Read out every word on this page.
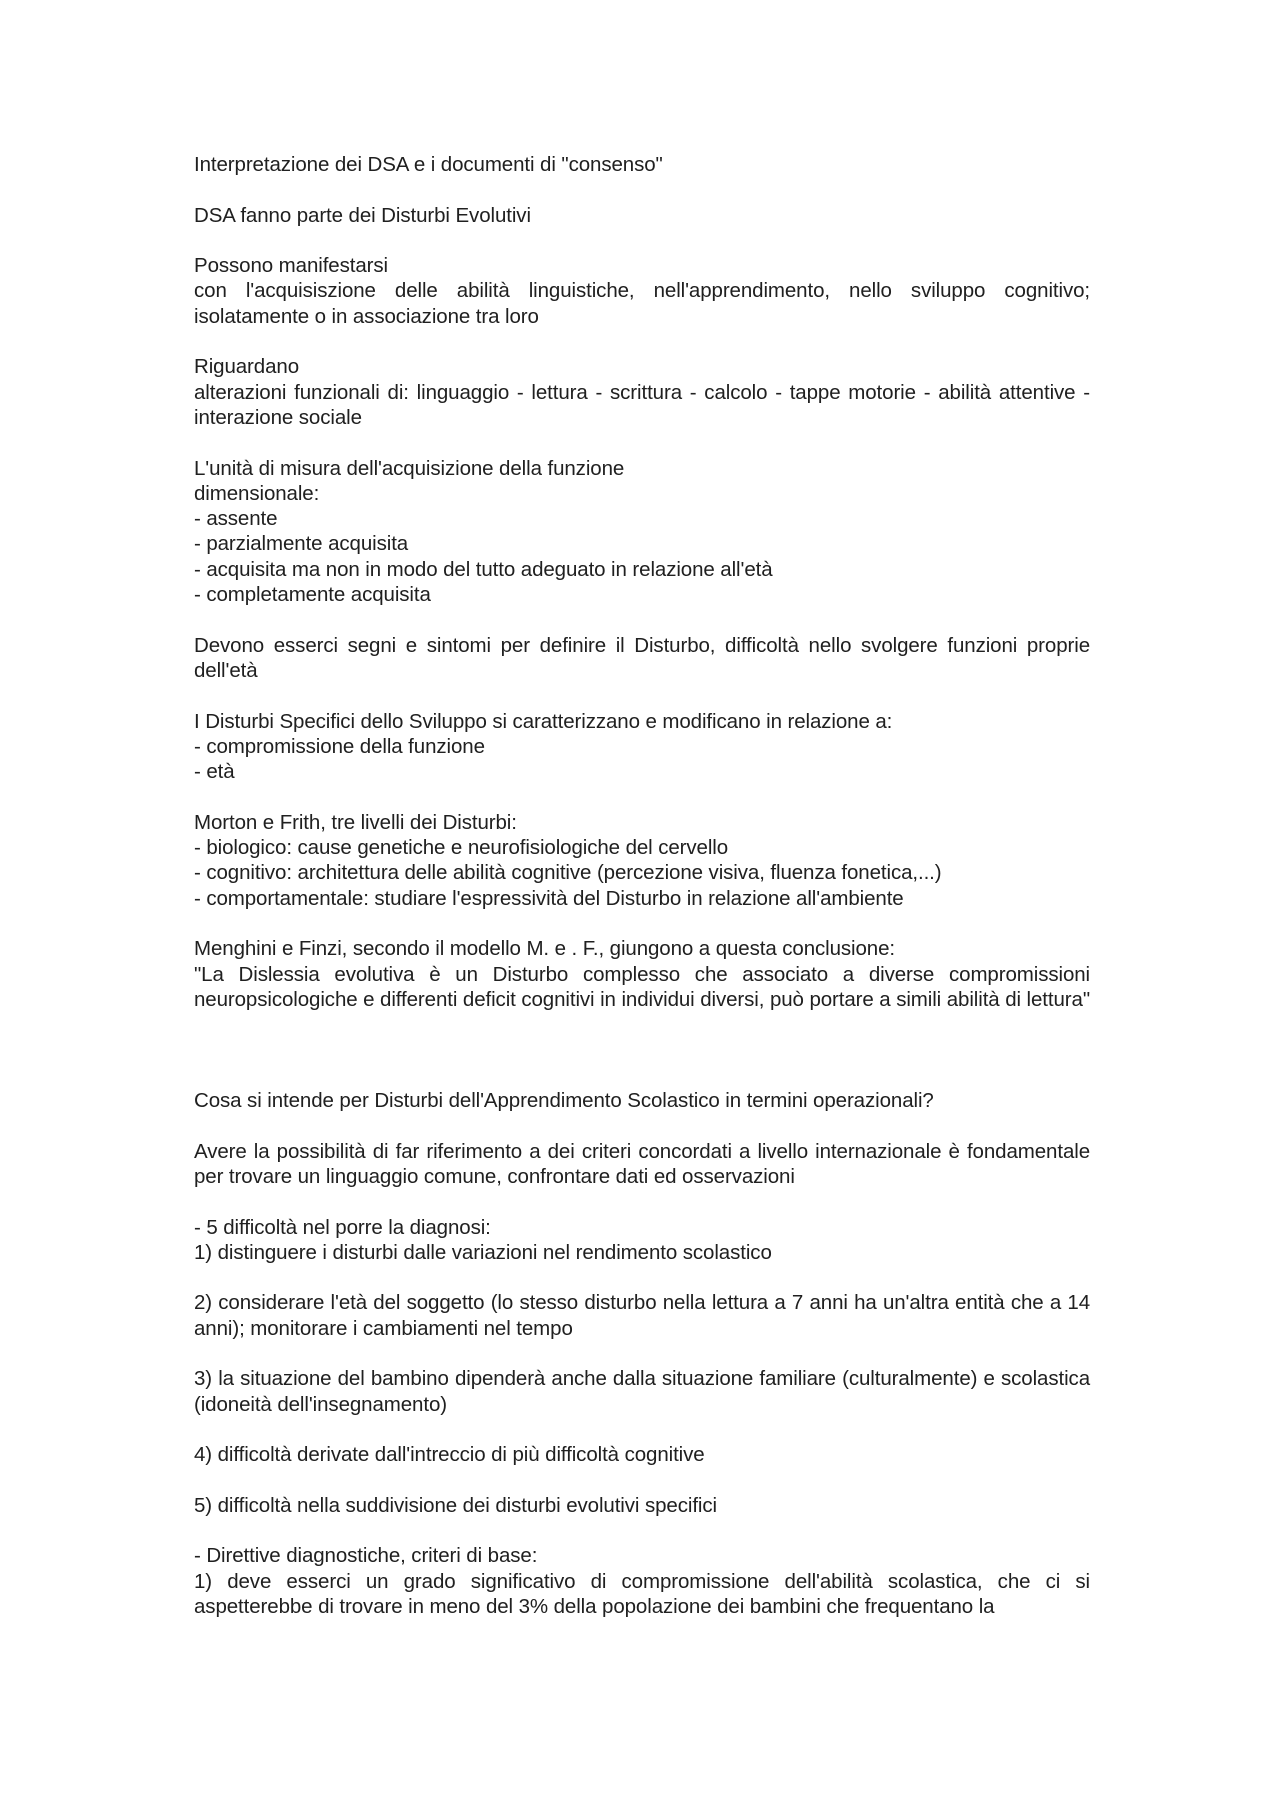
Interpretazione dei DSA e i documenti di "consenso"
DSA fanno parte dei Disturbi Evolutivi
Possono manifestarsi
con l'acquisiszione delle abilità linguistiche, nell'apprendimento, nello sviluppo cognitivo; isolatamente o in associazione tra loro
Riguardano
alterazioni funzionali di: linguaggio - lettura - scrittura - calcolo - tappe motorie - abilità attentive - interazione sociale
L'unità di misura dell'acquisizione della funzione
dimensionale:
- assente
- parzialmente acquisita
- acquisita ma non in modo del tutto adeguato in relazione all'età
- completamente acquisita
Devono esserci segni e sintomi per definire il Disturbo, difficoltà nello svolgere funzioni proprie dell'età
I Disturbi Specifici dello Sviluppo si caratterizzano e modificano in relazione a:
- compromissione della funzione
- età
Morton e Frith, tre livelli dei Disturbi:
- biologico: cause genetiche e neurofisiologiche del cervello
- cognitivo: architettura delle abilità cognitive (percezione visiva, fluenza fonetica,...)
- comportamentale: studiare l'espressività del Disturbo in relazione all'ambiente
Menghini e Finzi, secondo il modello M. e . F., giungono a questa conclusione:
"La Dislessia evolutiva è un Disturbo complesso che associato a diverse compromissioni neuropsicologiche e differenti deficit cognitivi in individui diversi, può portare a simili abilità di lettura"
Cosa si intende per Disturbi dell'Apprendimento Scolastico in termini operazionali?
Avere la possibilità di far riferimento a dei criteri concordati a livello internazionale è fondamentale per trovare un linguaggio comune, confrontare dati ed osservazioni
- 5 difficoltà nel porre la diagnosi:
1) distinguere i disturbi dalle variazioni nel rendimento scolastico
2) considerare l'età del soggetto (lo stesso disturbo nella lettura a 7 anni ha un'altra entità che a 14 anni); monitorare i cambiamenti nel tempo
3) la situazione del bambino dipenderà anche dalla situazione familiare (culturalmente) e scolastica (idoneità dell'insegnamento)
4) difficoltà derivate dall'intreccio di più difficoltà cognitive
5) difficoltà nella suddivisione dei disturbi evolutivi specifici
- Direttive diagnostiche, criteri di base:
1) deve esserci un grado significativo di compromissione dell'abilità scolastica, che ci si aspetterebbe di trovare in meno del 3% della popolazione dei bambini che frequentano la
